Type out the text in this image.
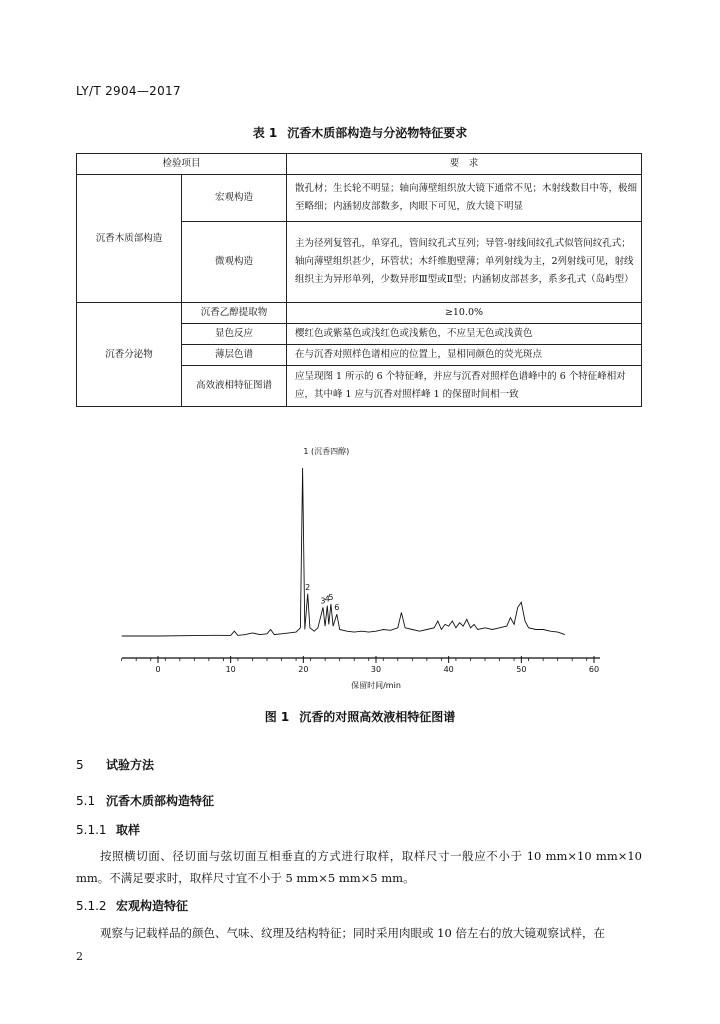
LY/T 2904—2017
表 1 沉香木质部构造与分泌物特征要求
检验项目		要　求
沉香木质部构造	宏观构造	散孔材；生长轮不明显；轴向薄壁组织放大镜下通常不见；木射线数目中等，极细至略细；内涵韧皮部数多，肉眼下可见，放大镜下明显
	微观构造	主为径列复管孔，单穿孔，管间纹孔式互列；导管-射线间纹孔式似管间纹孔式；轴向薄壁组织甚少，环管状；木纤维胞壁薄；单列射线为主，2列射线可见，射线组织主为异形单列，少数异形Ⅲ型或Ⅱ型；内涵韧皮部甚多，系多孔式（岛屿型）
沉香分泌物	沉香乙醇提取物	≥10.0%
	显色反应	樱红色或紫墓色或浅红色或浅紫色，不应呈无色或浅黄色
	薄层色谱	在与沉香对照样色谱相应的位置上，显相同颜色的荧光斑点
	高效液相特征图谱	应呈现图 1 所示的 6 个特征峰，并应与沉香对照样色谱峰中的 6 个特征峰相对应，其中峰 1 应与沉香对照样峰 1 的保留时间相一致
0	10	20	30	40	50	60
保留时间/min
1 (沉香四醇)
2
3 4
5
6
图 1 沉香的对照高效液相特征图谱
5 试验方法
5.1 沉香木质部构造特征
5.1.1 取样
按照横切面、径切面与弦切面互相垂直的方式进行取样，取样尺寸一般应不小于 10 mm×10 mm×10 mm。不满足要求时，取样尺寸宜不小于 5 mm×5 mm×5 mm。
5.1.2 宏观构造特征
观察与记载样品的颜色、气味、纹理及结构特征；同时采用肉眼或 10 倍左右的放大镜观察试样，在
2
